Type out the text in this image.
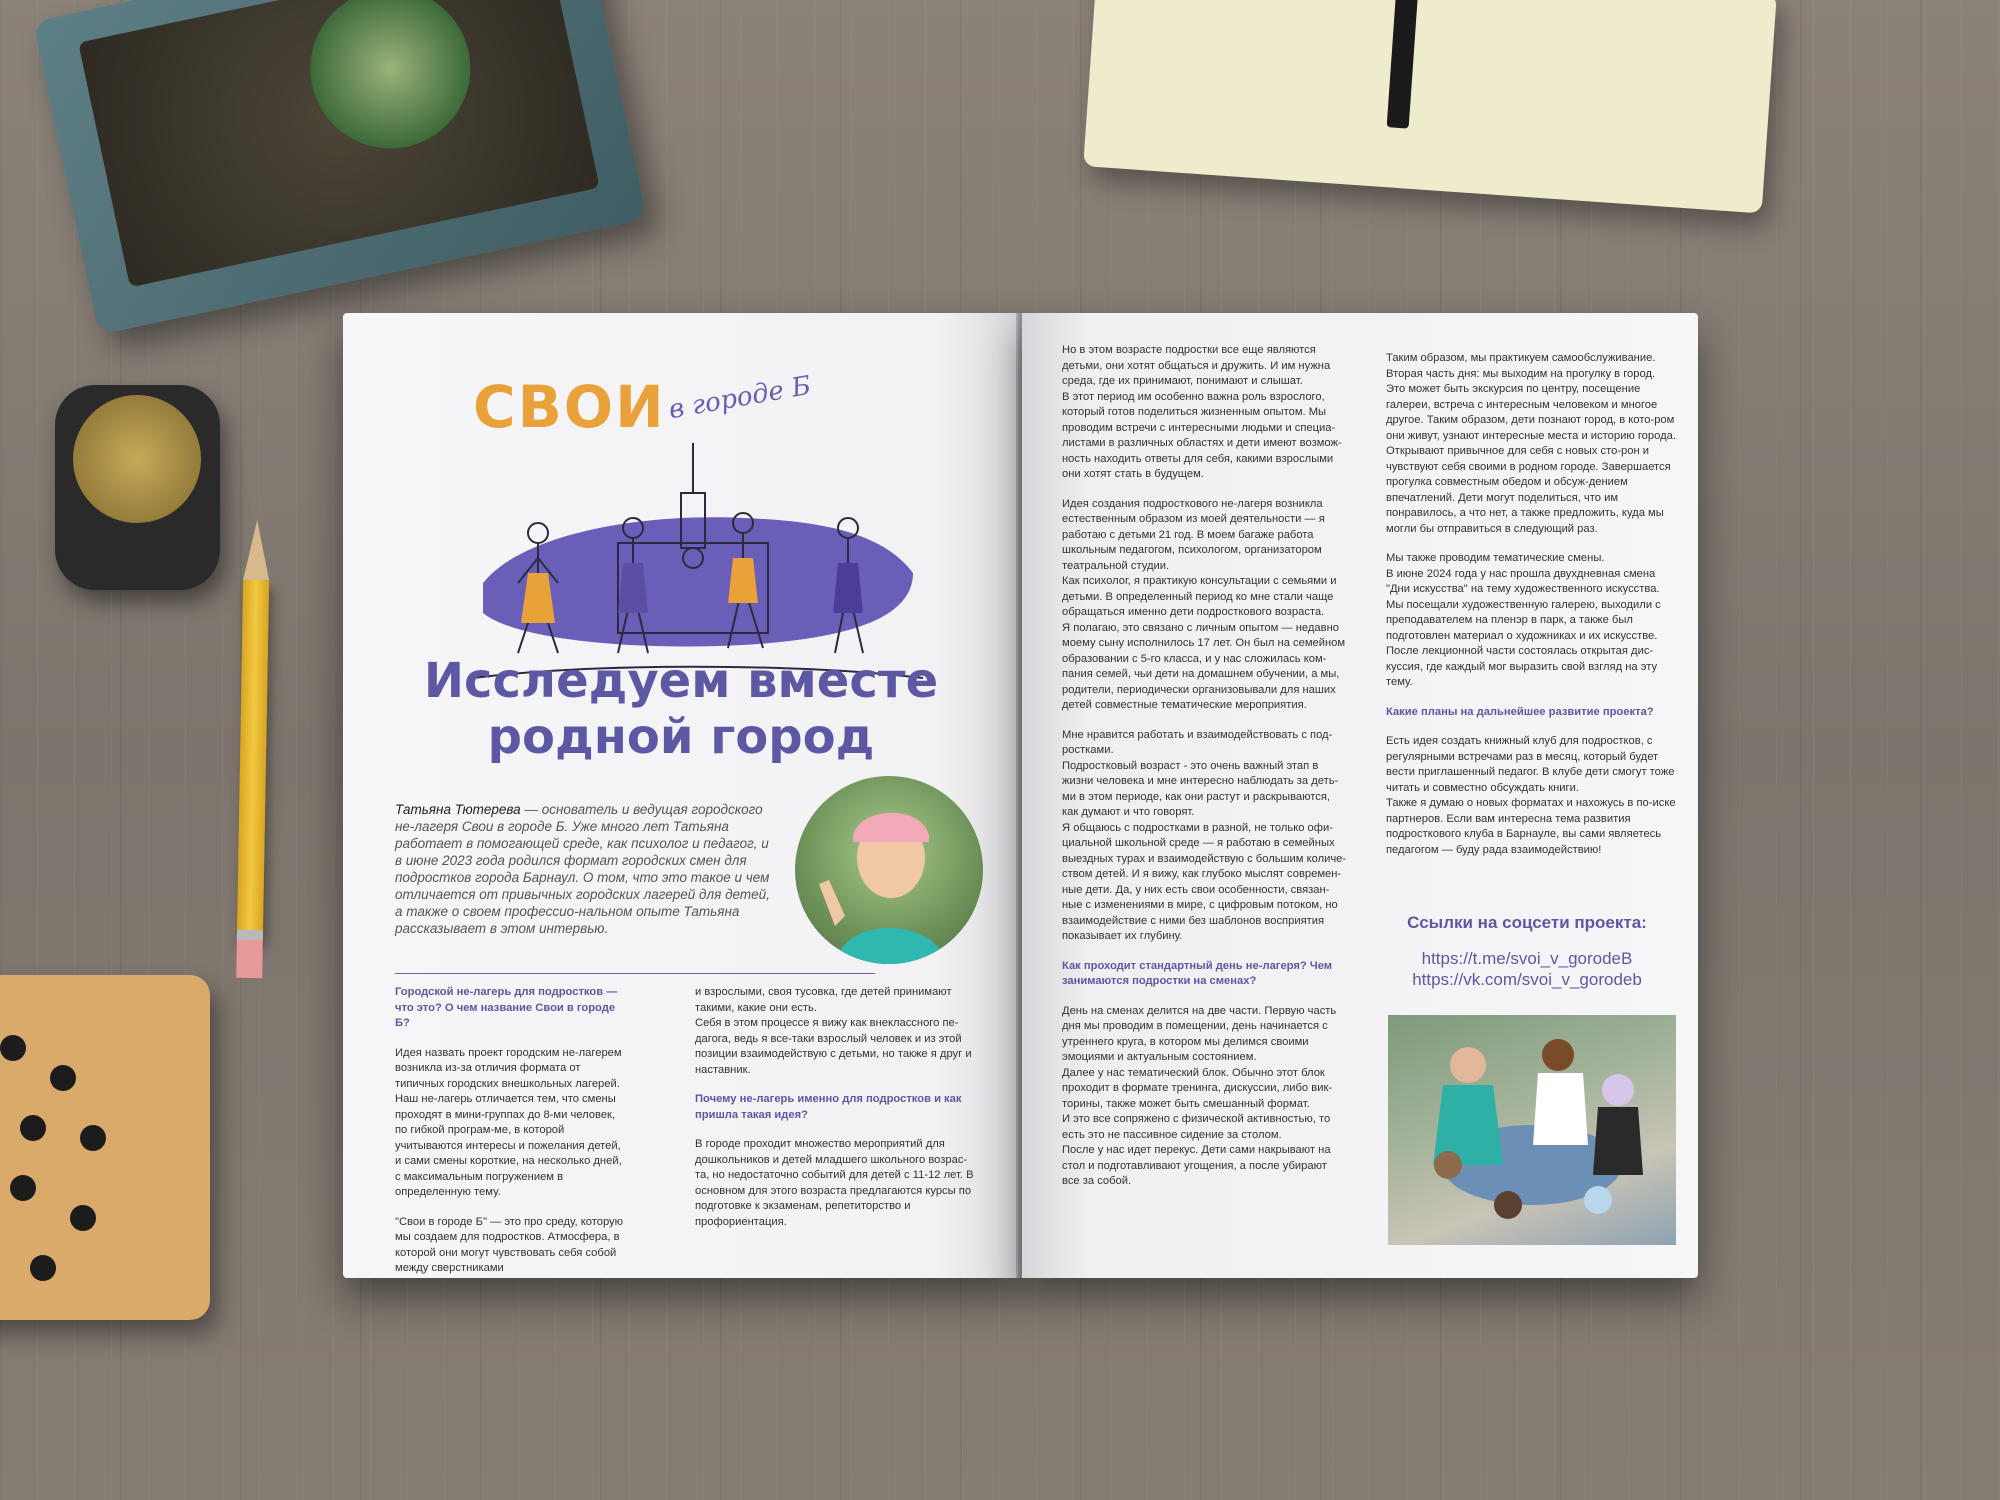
СВОИ в городе Б
Исследуем вместе
родной город
Татьяна Тютерева — основатель и ведущая городского не-лагеря Свои в городе Б. Уже много лет Татьяна работает в помогающей среде, как психолог и педагог, и в июне 2023 года родился формат городских смен для подростков города Барнаул. О том, что это такое и чем отличается от привычных городских лагерей для детей, а также о своем профессио-нальном опыте Татьяна рассказывает в этом интервью.

Городской не-лагерь для подростков — что это? О чем название Свои в городе Б?

Идея назвать проект городским не-лагерем возникла из-за отличия формата от типичных городских внешкольных лагерей.
Наш не-лагерь отличается тем, что смены проходят в мини-группах до 8-ми человек, по гибкой програм-ме, в которой учитываются интересы и пожелания детей, и сами смены короткие, на несколько дней, с максимальным погружением в определенную тему.

"Свои в городе Б" — это про среду, которую мы создаем для подростков. Атмосфера, в которой они могут чувствовать себя собой между сверстниками

и взрослыми, своя тусовка, где детей принимают такими, какие они есть.
Себя в этом процессе я вижу как внеклассного пе-дагога, ведь я все-таки взрослый человек и из этой позиции взаимодействую с детьми, но также я друг и наставник.

Почему не-лагерь именно для подростков и как пришла такая идея?

В городе проходит множество мероприятий для дошкольников и детей младшего школьного возрас-та, но недостаточно событий для детей с 11-12 лет. В основном для этого возраста предлагаются курсы по подготовке к экзаменам, репетиторство и профориентация.

Но в этом возрасте подростки все еще являются детьми, они хотят общаться и дружить. И им нужна среда, где их принимают, понимают и слышат.
В этот период им особенно важна роль взрослого, который готов поделиться жизненным опытом. Мы проводим встречи с интересными людьми и специа-листами в различных областях и дети имеют возмож-ность находить ответы для себя, какими взрослыми они хотят стать в будущем.

Идея создания подросткового не-лагеря возникла естественным образом из моей деятельности — я работаю с детьми 21 год. В моем багаже работа школьным педагогом, психологом, организатором театральной студии.
Как психолог, я практикую консультации с семьями и детьми. В определенный период ко мне стали чаще обращаться именно дети подросткового возраста.
Я полагаю, это связано с личным опытом — недавно моему сыну исполнилось 17 лет. Он был на семейном образовании с 5-го класса, и у нас сложилась ком-пания семей, чьи дети на домашнем обучении, а мы, родители, периодически организовывали для наших детей совместные тематические мероприятия.

Мне нравится работать и взаимодействовать с под-ростками.
Подростковый возраст - это очень важный этап в жизни человека и мне интересно наблюдать за деть-ми в этом периоде, как они растут и раскрываются, как думают и что говорят.
Я общаюсь с подростками в разной, не только офи-циальной школьной среде — я работаю в семейных выездных турах и взаимодействую с большим количе-ством детей. И я вижу, как глубоко мыслят современ-ные дети. Да, у них есть свои особенности, связан-ные с изменениями в мире, с цифровым потоком, но взаимодействие с ними без шаблонов восприятия показывает их глубину.

Как проходит стандартный день не-лагеря? Чем занимаются подростки на сменах?

День на сменах делится на две части. Первую часть дня мы проводим в помещении, день начинается с утреннего круга, в котором мы делимся своими эмоциями и актуальным состоянием.
Далее у нас тематический блок. Обычно этот блок проходит в формате тренинга, дискуссии, либо вик-торины, также может быть смешанный формат.
И это все сопряжено с физической активностью, то есть это не пассивное сидение за столом.
После у нас идет перекус. Дети сами накрывают на стол и подготавливают угощения, а после убирают все за собой.

Таким образом, мы практикуем самообслуживание.
Вторая часть дня: мы выходим на прогулку в город. Это может быть экскурсия по центру, посещение галереи, встреча с интересным человеком и многое другое. Таким образом, дети познают город, в кото-ром они живут, узнают интересные места и историю города. Открывают привычное для себя с новых сто-рон и чувствуют себя своими в родном городе. Завершается прогулка совместным обедом и обсуж-дением впечатлений. Дети могут поделиться, что им понравилось, а что нет, а также предложить, куда мы могли бы отправиться в следующий раз.

Мы также проводим тематические смены.
В июне 2024 года у нас прошла двухдневная смена "Дни искусства" на тему художественного искусства. Мы посещали художественную галерею, выходили с преподавателем на пленэр в парк, а также был подготовлен материал о художниках и их искусстве. После лекционной части состоялась открытая дис-куссия, где каждый мог выразить свой взгляд на эту тему.

Какие планы на дальнейшее развитие проекта?

Есть идея создать книжный клуб для подростков, с регулярными встречами раз в месяц, который будет вести приглашенный педагог. В клубе дети смогут тоже читать и совместно обсуждать книги.
Также я думаю о новых форматах и нахожусь в по-иске партнеров. Если вам интересна тема развития подросткового клуба в Барнауле, вы сами являетесь педагогом — буду рада взаимодействию!

Ссылки на соцсети проекта:
https://t.me/svoi_v_gorodeB
https://vk.com/svoi_v_gorodeb
